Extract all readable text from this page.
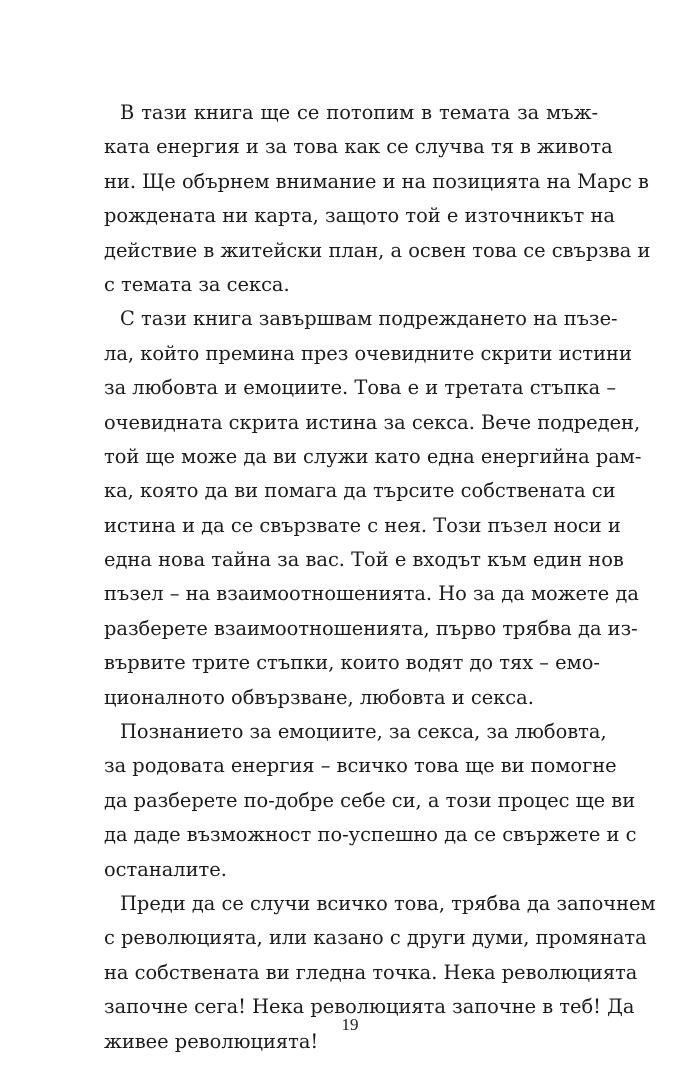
В тази книга ще се потопим в темата за мъж-
ката енергия и за това как се случва тя в живота
ни. Ще обърнем внимание и на позицията на Марс в
рождената ни карта, защото той е източникът на
действие в житейски план, а освен това се свързва и
с темата за секса.
С тази книга завършвам подреждането на пъзе-
ла, който премина през очевидните скрити истини
за любовта и емоциите. Това е и третата стъпка –
очевидната скрита истина за секса. Вече подреден,
той ще може да ви служи като една енергийна рам-
ка, която да ви помага да търсите собствената си
истина и да се свързвате с нея. Този пъзел носи и
една нова тайна за вас. Той е входът към един нов
пъзел – на взаимоотношенията. Но за да можете да
разберете взаимоотношенията, първо трябва да из-
вървите трите стъпки, които водят до тях – емо-
ционалното обвързване, любовта и секса.
Познанието за емоциите, за секса, за любовта,
за родовата енергия – всичко това ще ви помогне
да разберете по-добре себе си, а този процес ще ви
да даде възможност по-успешно да се свържете и с
останалите.
Преди да се случи всичко това, трябва да започнем
с революцията, или казано с други думи, промяната
на собствената ви гледна точка. Нека революцията
започне сега! Нека революцията започне в теб! Да
живее революцията!
19
